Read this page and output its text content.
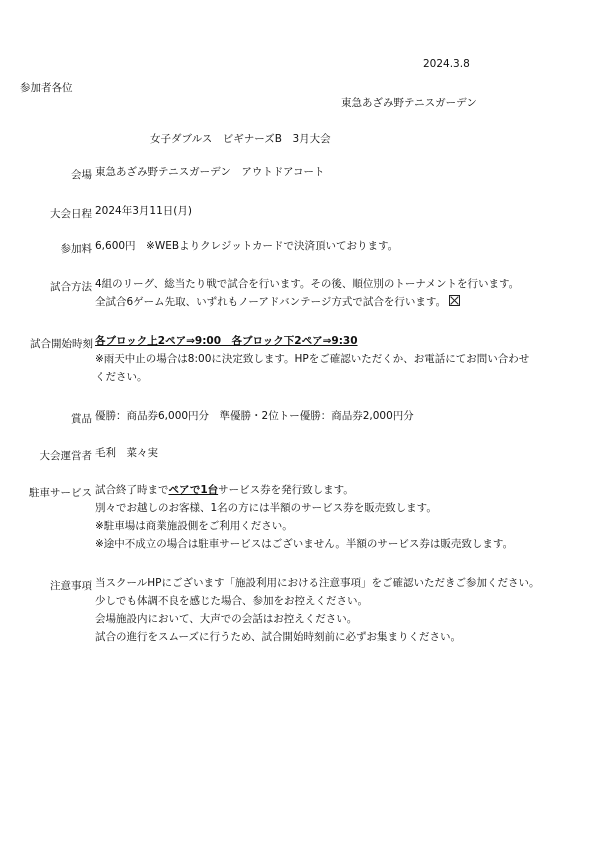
2024.3.8
参加者各位
東急あざみ野テニスガーデン
女子ダブルス　ビギナーズB　3月大会
会場 東急あざみ野テニスガーデン　アウトドアコート
大会日程 2024年3月11日(月)
参加料 6,600円　※WEBよりクレジットカードで決済頂いております。
試合方法 4組のリーグ、総当たり戦で試合を行います。その後、順位別のトーナメントを行います。
全試合6ゲーム先取、いずれもノーアドバンテージ方式で試合を行います。
試合開始時刻 各ブロック上2ペア⇒9:00　各ブロック下2ペア⇒9:30
※雨天中止の場合は8:00に決定致します。HPをご確認いただくか、お電話にてお問い合わせ
ください。
賞品 優勝：商品券6,000円分　準優勝・2位トー優勝：商品券2,000円分
大会運営者 毛利　菜々実
駐車サービス 試合終了時までペアで1台サービス券を発行致します。
別々でお越しのお客様、1名の方には半額のサービス券を販売致します。
※駐車場は商業施設側をご利用ください。
※途中不成立の場合は駐車サービスはございません。半額のサービス券は販売致します。
注意事項 当スクールHPにございます「施設利用における注意事項」をご確認いただきご参加ください。
少しでも体調不良を感じた場合、参加をお控えください。
会場施設内において、大声での会話はお控えください。
試合の進行をスムーズに行うため、試合開始時刻前に必ずお集まりください。
